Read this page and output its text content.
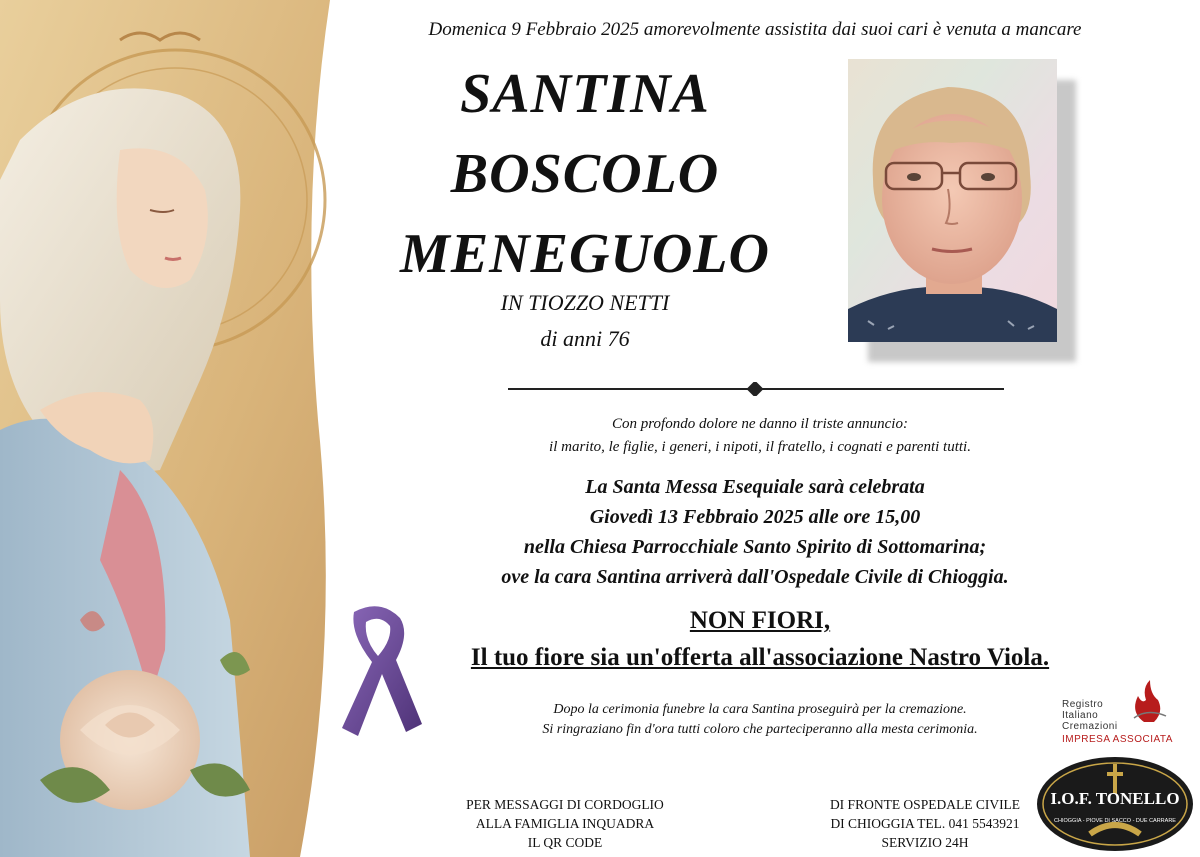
Domenica 9 Febbraio 2025 amorevolmente assistita dai suoi cari è venuta a mancare
SANTINA
BOSCOLO
MENEGUOLO
IN TIOZZO NETTI
di anni 76
Con profondo dolore ne danno il triste annuncio:
il marito, le figlie, i generi, i nipoti, il fratello, i cognati e parenti tutti.
La Santa Messa Esequiale sarà celebrata
Giovedì 13 Febbraio 2025 alle ore 15,00
nella Chiesa Parrocchiale Santo Spirito di Sottomarina;
ove la cara Santina arriverà dall'Ospedale Civile di Chioggia.
NON FIORI,
Il tuo fiore sia un'offerta all'associazione Nastro Viola.
Dopo la cerimonia funebre la cara Santina proseguirà per la cremazione.
Si ringraziano fin d'ora tutti coloro che parteciperanno alla mesta cerimonia.
Registro
Italiano
Cremazioni
IMPRESA ASSOCIATA
I.O.F. TONELLO
CHIOGGIA - PIOVE DI SACCO - DUE CARRARE
PER MESSAGGI DI CORDOGLIO
ALLA FAMIGLIA INQUADRA
IL QR CODE
DI FRONTE OSPEDALE CIVILE
DI CHIOGGIA TEL. 041 5543921
SERVIZIO 24H
